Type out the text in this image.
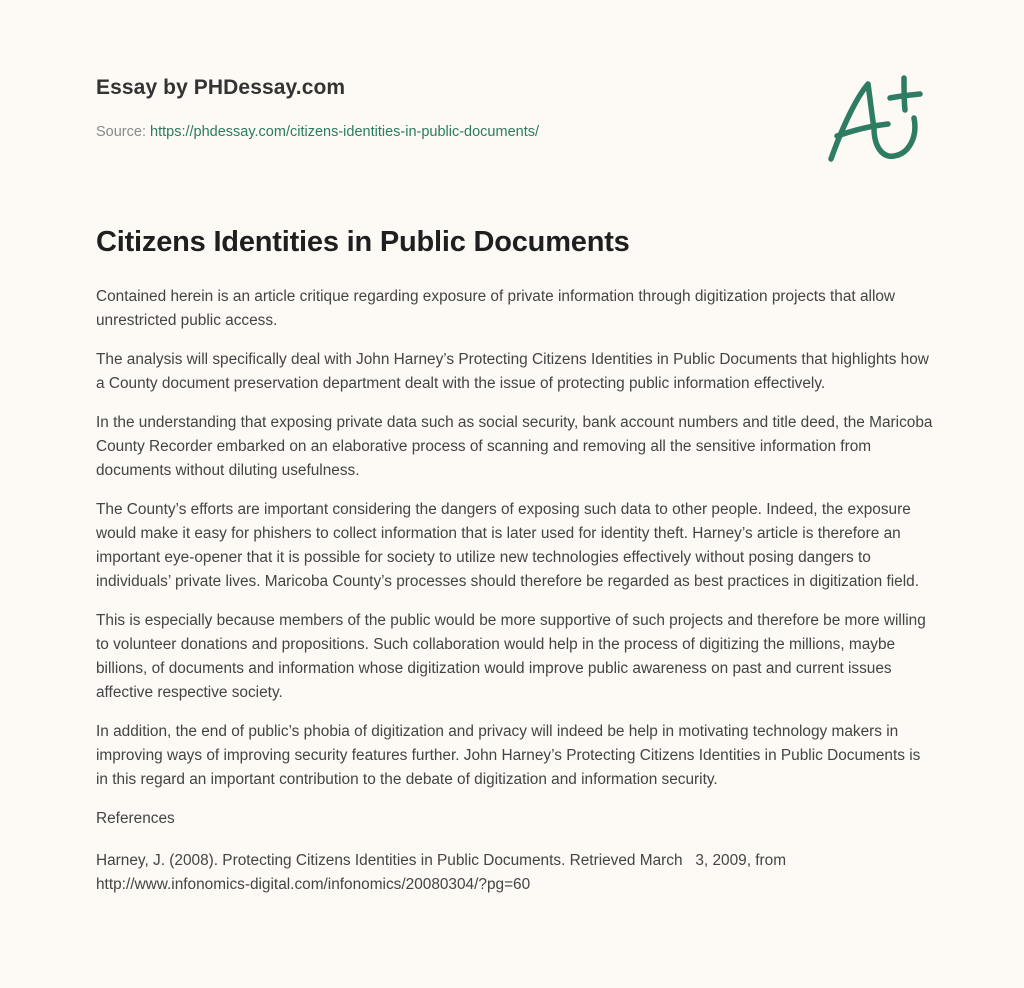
Essay by PHDessay.com
Source: https://phdessay.com/citizens-identities-in-public-documents/
Citizens Identities in Public Documents

Contained herein is an article critique regarding exposure of private information through digitization projects that allow unrestricted public access.

The analysis will specifically deal with John Harney’s Protecting Citizens Identities in Public Documents that highlights how a County document preservation department dealt with the issue of protecting public information effectively.

In the understanding that exposing private data such as social security, bank account numbers and title deed, the Maricoba County Recorder embarked on an elaborative process of scanning and removing all the sensitive information from documents without diluting usefulness.

The County’s efforts are important considering the dangers of exposing such data to other people. Indeed, the exposure would make it easy for phishers to collect information that is later used for identity theft. Harney’s article is therefore an important eye-opener that it is possible for society to utilize new technologies effectively without posing dangers to individuals’ private lives. Maricoba County’s processes should therefore be regarded as best practices in digitization field.

This is especially because members of the public would be more supportive of such projects and therefore be more willing to volunteer donations and propositions. Such collaboration would help in the process of digitizing the millions, maybe billions, of documents and information whose digitization would improve public awareness on past and current issues affective respective society.

In addition, the end of public’s phobia of digitization and privacy will indeed be help in motivating technology makers in improving ways of improving security features further. John Harney’s Protecting Citizens Identities in Public Documents is in this regard an important contribution to the debate of digitization and information security.

References

Harney, J. (2008). Protecting Citizens Identities in Public Documents. Retrieved March   3, 2009, from
http://www.infonomics-digital.com/infonomics/20080304/?pg=60
